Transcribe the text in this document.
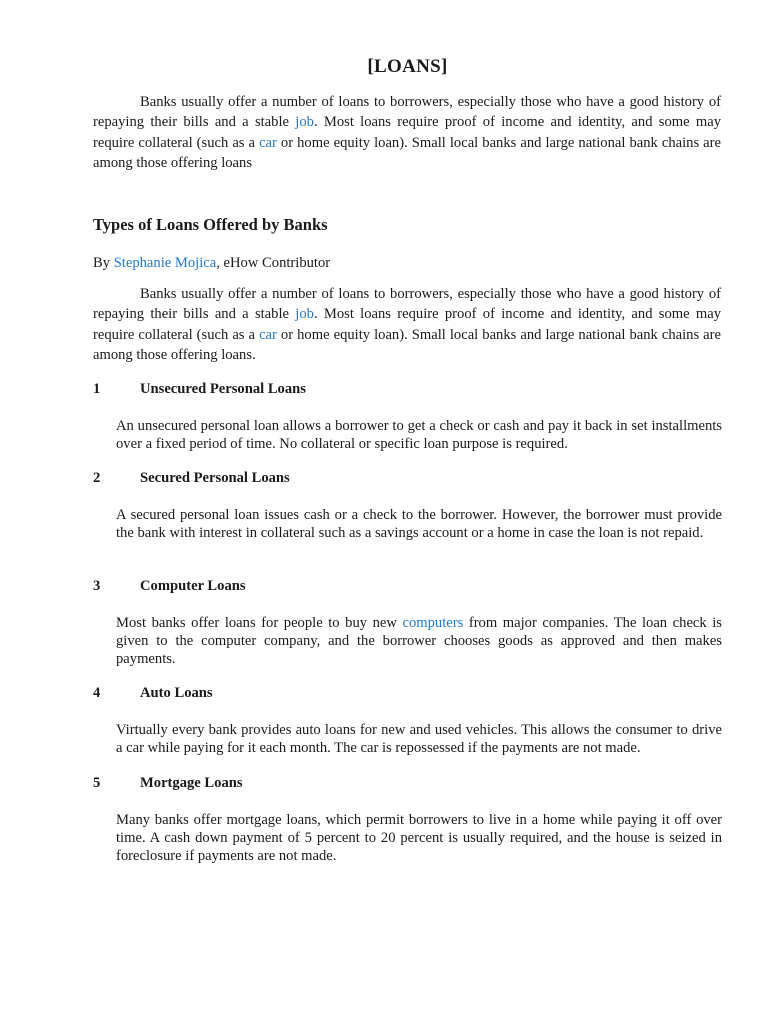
[LOANS]

Banks usually offer a number of loans to borrowers, especially those who have a good history of repaying their bills and a stable job. Most loans require proof of income and identity, and some may require collateral (such as a car or home equity loan). Small local banks and large national bank chains are among those offering loans

Types of Loans Offered by Banks

By Stephanie Mojica, eHow Contributor

Banks usually offer a number of loans to borrowers, especially those who have a good history of repaying their bills and a stable job. Most loans require proof of income and identity, and some may require collateral (such as a car or home equity loan). Small local banks and large national bank chains are among those offering loans.

1	Unsecured Personal Loans

An unsecured personal loan allows a borrower to get a check or cash and pay it back in set installments over a fixed period of time. No collateral or specific loan purpose is required.

2	Secured Personal Loans

A secured personal loan issues cash or a check to the borrower. However, the borrower must provide the bank with interest in collateral such as a savings account or a home in case the loan is not repaid.

3	Computer Loans

Most banks offer loans for people to buy new computers from major companies. The loan check is given to the computer company, and the borrower chooses goods as approved and then makes payments.

4	Auto Loans

Virtually every bank provides auto loans for new and used vehicles. This allows the consumer to drive a car while paying for it each month. The car is repossessed if the payments are not made.

5	Mortgage Loans

Many banks offer mortgage loans, which permit borrowers to live in a home while paying it off over time. A cash down payment of 5 percent to 20 percent is usually required, and the house is seized in foreclosure if payments are not made.
